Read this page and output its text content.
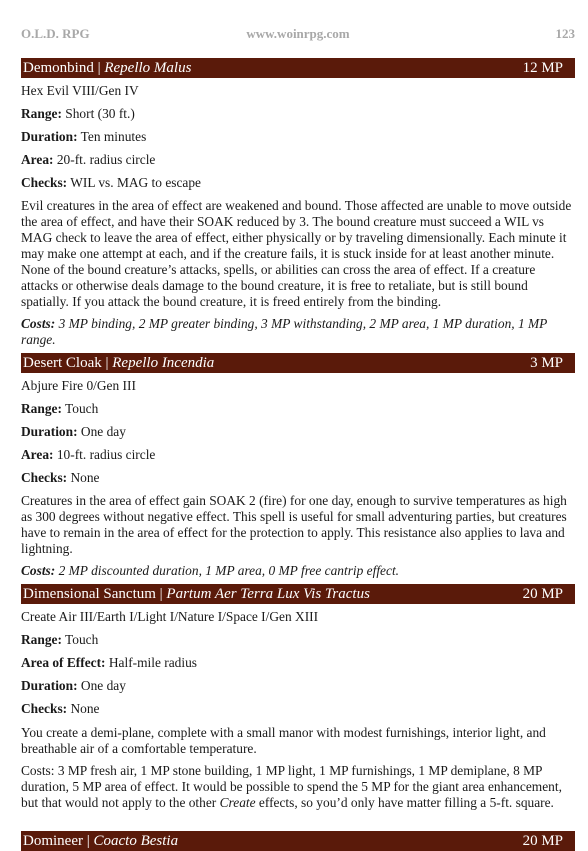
O.L.D. RPG	www.woinrpg.com	123
Demonbind | Repello Malus	12 MP

Hex Evil VIII/Gen IV

Range: Short (30 ft.)

Duration: Ten minutes

Area: 20-ft. radius circle

Checks: WIL vs. MAG to escape

Evil creatures in the area of effect are weakened and bound. Those affected are unable to move outside the area of effect, and have their SOAK reduced by 3. The bound creature must succeed a WIL vs MAG check to leave the area of effect, either physically or by traveling dimensionally. Each minute it may make one attempt at each, and if the creature fails, it is stuck inside for at least another minute. None of the bound creature’s attacks, spells, or abilities can cross the area of effect. If a creature attacks or otherwise deals damage to the bound creature, it is free to retaliate, but is still bound spatially. If you attack the bound creature, it is freed entirely from the binding.

Costs: 3 MP binding, 2 MP greater binding, 3 MP withstanding, 2 MP area, 1 MP duration, 1 MP range.

Desert Cloak | Repello Incendia	3 MP

Abjure Fire 0/Gen III

Range: Touch

Duration: One day

Area: 10-ft. radius circle

Checks: None

Creatures in the area of effect gain SOAK 2 (fire) for one day, enough to survive temperatures as high as 300 degrees without negative effect. This spell is useful for small adventuring parties, but creatures have to remain in the area of effect for the protection to apply. This resistance also applies to lava and lightning.

Costs: 2 MP discounted duration, 1 MP area, 0 MP free cantrip effect.

Dimensional Sanctum | Partum Aer Terra Lux Vis Tractus	20 MP

Create Air III/Earth I/Light I/Nature I/Space I/Gen XIII

Range: Touch

Area of Effect: Half-mile radius

Duration: One day

Checks: None

You create a demi-plane, complete with a small manor with modest furnishings, interior light, and breathable air of a comfortable temperature.

Costs: 3 MP fresh air, 1 MP stone building, 1 MP light, 1 MP furnishings, 1 MP demiplane, 8 MP duration, 5 MP area of effect. It would be possible to spend the 5 MP for the giant area enhancement, but that would not apply to the other Create effects, so you’d only have matter filling a 5-ft. square.

Domineer | Coacto Bestia	20 MP
